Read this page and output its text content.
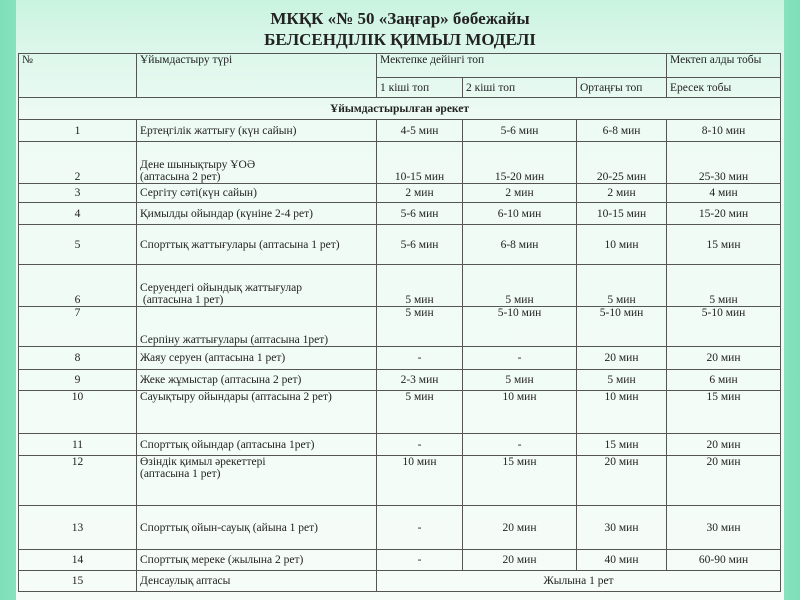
МКҚК «№ 50 «Заңғар» бөбежайы
БЕЛСЕНДІЛІК ҚИМЫЛ МОДЕЛІ
№	Ұйымдастыру түрі	Мектепке дейінгі топ			Мектеп алды тобы
		1 кіші топ	2 кіші топ	Ортаңғы топ	Ересек тобы
Ұйымдастырылған әрекет					
1	Ертеңгілік жаттығу (күн сайын)	4-5 мин	5-6 мин	6-8 мин	8-10 мин
2	Дене шынықтыру ҰОӘ
(аптасына 2 рет)	10-15 мин	15-20 мин	20-25 мин	25-30 мин
3	Сергіту сәті(күн сайын)	2 мин	2 мин	2 мин	4 мин
4	Қимылды ойындар (күніне 2-4 рет)	5-6 мин	6-10 мин	10-15 мин	15-20 мин
5	Спорттық жаттығулары (аптасына 1 рет)	5-6 мин	6-8 мин	10 мин	15 мин
6	Серуендегі ойындық жаттығулар
(аптасына 1 рет)	5 мин	5 мин	5 мин	5 мин
7	Серпіну жаттығулары (аптасына 1рет)	5 мин	5-10 мин	5-10 мин	5-10 мин
8	Жаяу серуен (аптасына 1 рет)	-	-	20 мин	20 мин
9	Жеке жұмыстар (аптасына 2 рет)	2-3 мин	5 мин	5 мин	6 мин
10	Сауықтыру ойындары (аптасына 2 рет)	5 мин	10 мин	10 мин	15 мин
11	Спорттық ойындар (аптасына 1рет)	-	-	15 мин	20 мин
12	Өзіндік қимыл әрекеттері
(аптасына 1 рет)	10 мин	15 мин	20 мин	20 мин
13	Спорттық ойын-сауық (айына 1 рет)	-	20 мин	30 мин	30 мин
14	Спорттық мереке (жылына 2 рет)	-	20 мин	40 мин	60-90 мин
15	Денсаулық аптасы	Жылына 1 рет			
